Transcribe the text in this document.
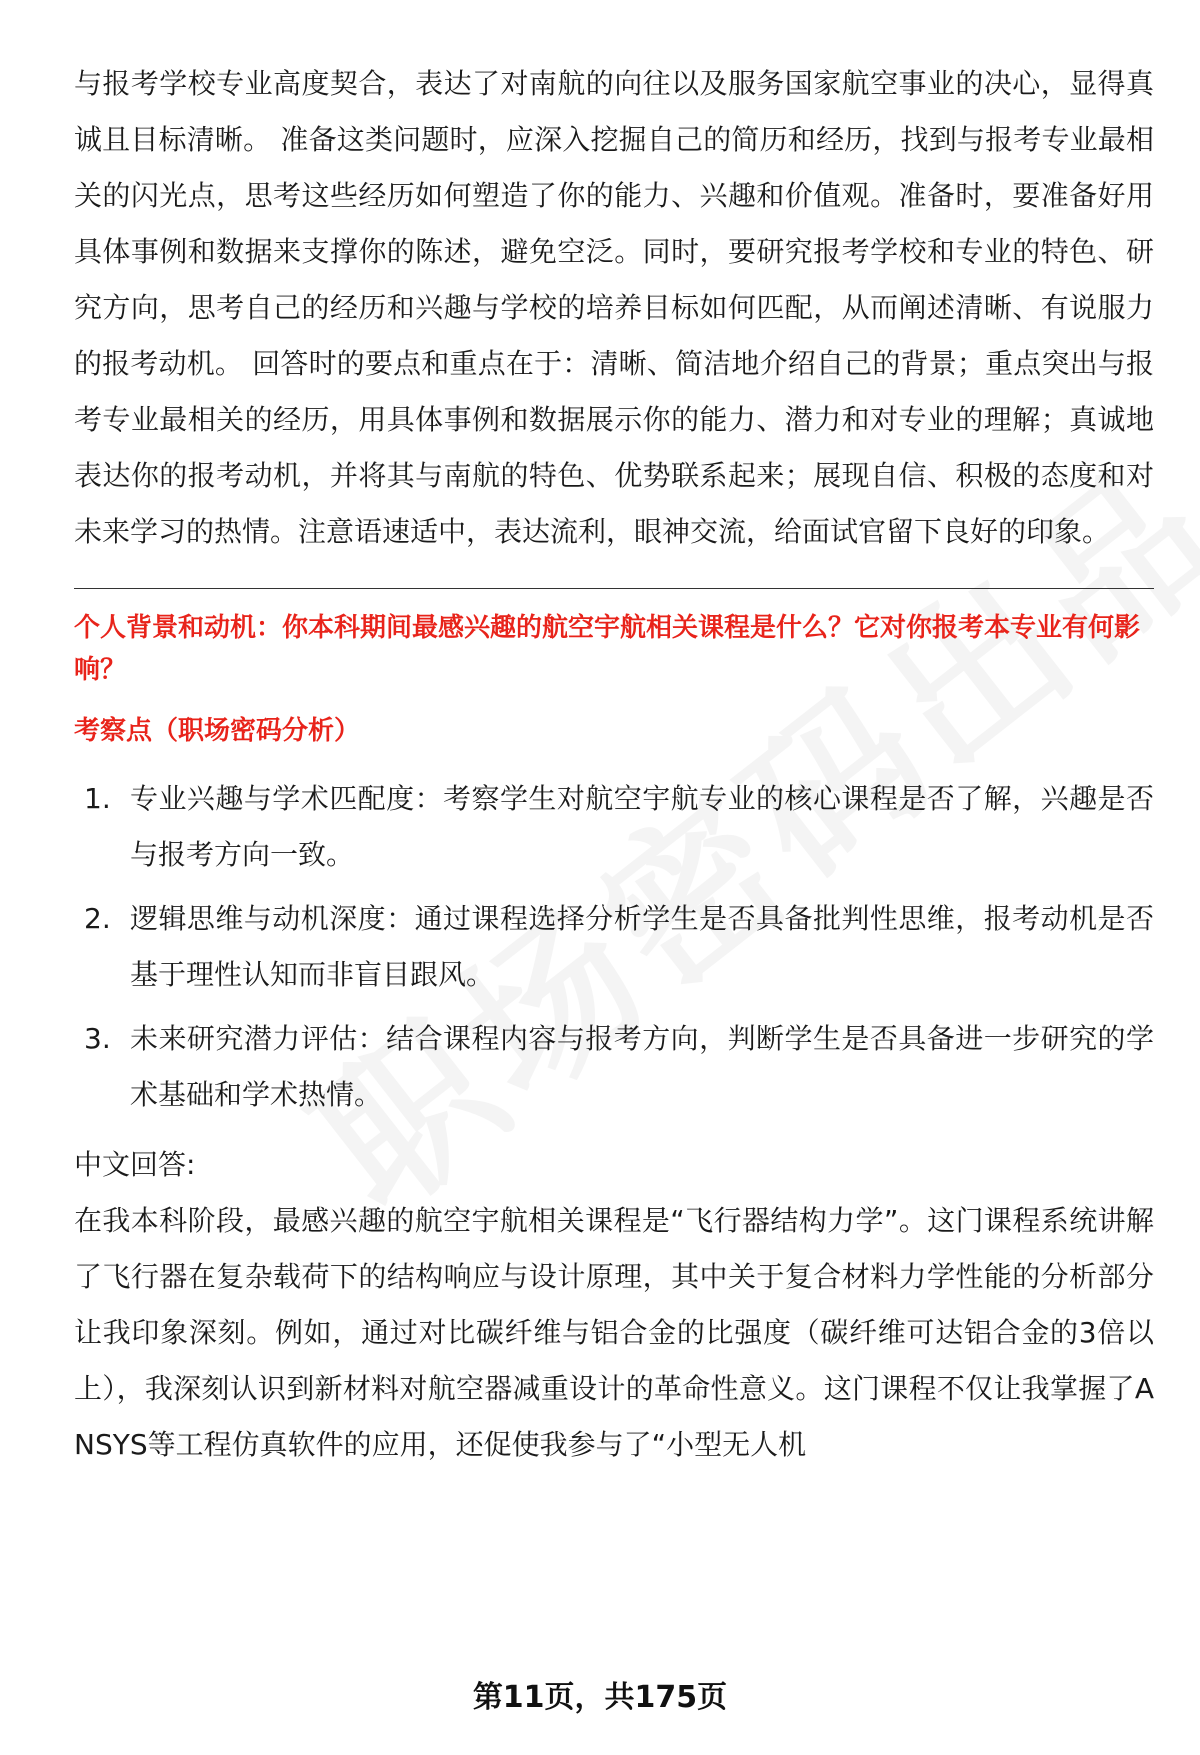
与报考学校专业高度契合，表达了对南航的向往以及服务国家航空事业的决心，显得真诚且目标清晰。 准备这类问题时，应深入挖掘自己的简历和经历，找到与报考专业最相关的闪光点，思考这些经历如何塑造了你的能力、兴趣和价值观。准备时，要准备好用具体事例和数据来支撑你的陈述，避免空泛。同时，要研究报考学校和专业的特色、研究方向，思考自己的经历和兴趣与学校的培养目标如何匹配，从而阐述清晰、有说服力的报考动机。 回答时的要点和重点在于：清晰、简洁地介绍自己的背景；重点突出与报考专业最相关的经历，用具体事例和数据展示你的能力、潜力和对专业的理解；真诚地表达你的报考动机，并将其与南航的特色、优势联系起来；展现自信、积极的态度和对未来学习的热情。注意语速适中，表达流利，眼神交流，给面试官留下良好的印象。

个人背景和动机：你本科期间最感兴趣的航空宇航相关课程是什么？它对你报考本专业有何影响？

考察点（职场密码分析）

1. 专业兴趣与学术匹配度：考察学生对航空宇航专业的核心课程是否了解，兴趣是否与报考方向一致。
2. 逻辑思维与动机深度：通过课程选择分析学生是否具备批判性思维，报考动机是否基于理性认知而非盲目跟风。
3. 未来研究潜力评估：结合课程内容与报考方向，判断学生是否具备进一步研究的学术基础和学术热情。

中文回答:

在我本科阶段，最感兴趣的航空宇航相关课程是“飞行器结构力学”。这门课程系统讲解了飞行器在复杂载荷下的结构响应与设计原理，其中关于复合材料力学性能的分析部分让我印象深刻。例如，通过对比碳纤维与铝合金的比强度（碳纤维可达铝合金的3倍以上），我深刻认识到新材料对航空器减重设计的革命性意义。这门课程不仅让我掌握了ANSYS等工程仿真软件的应用，还促使我参与了“小型无人机

第11页，共175页
